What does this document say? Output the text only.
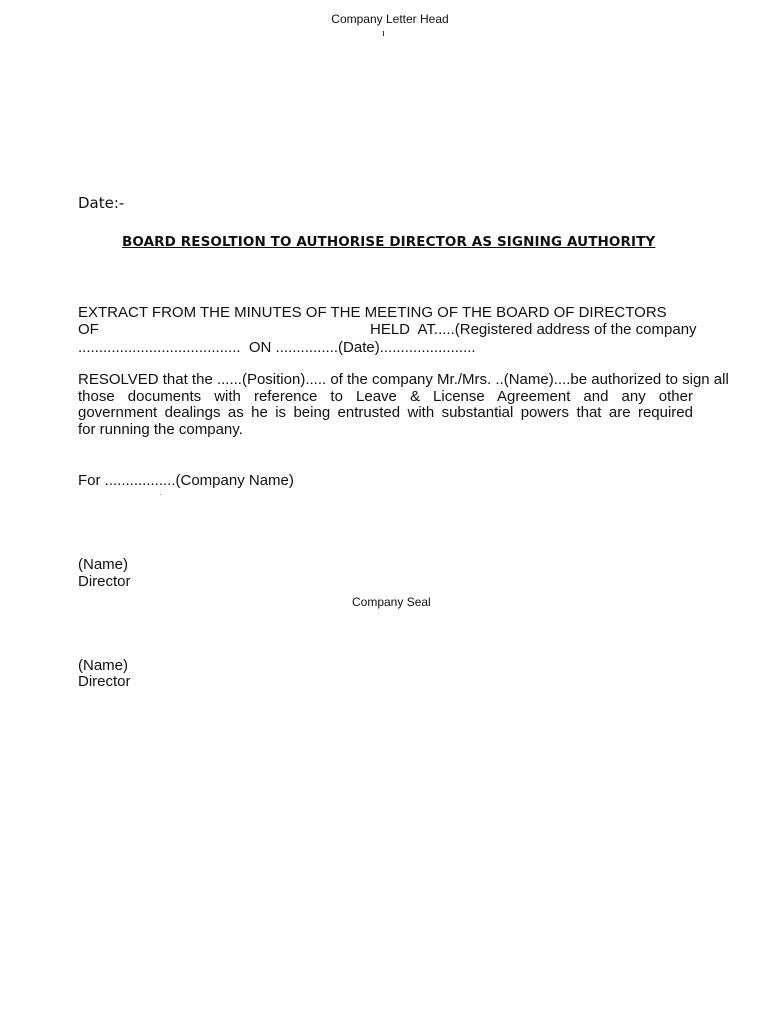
Company Letter Head
Date:-
BOARD RESOLTION TO AUTHORISE DIRECTOR AS SIGNING AUTHORITY
EXTRACT FROM THE MINUTES OF THE MEETING OF THE BOARD OF DIRECTORS
OF	HELD  AT.....(Registered address of the company
.......................................  ON ...............(Date).......................
RESOLVED that the ......(Position)..... of the company Mr./Mrs. ..(Name)....be authorized to sign all
those documents with reference to Leave & License Agreement and any other
government dealings as he is being entrusted with substantial powers that are required
for running the company.
For .................(Company Name)
(Name)
Director
Company Seal
(Name)
Director
